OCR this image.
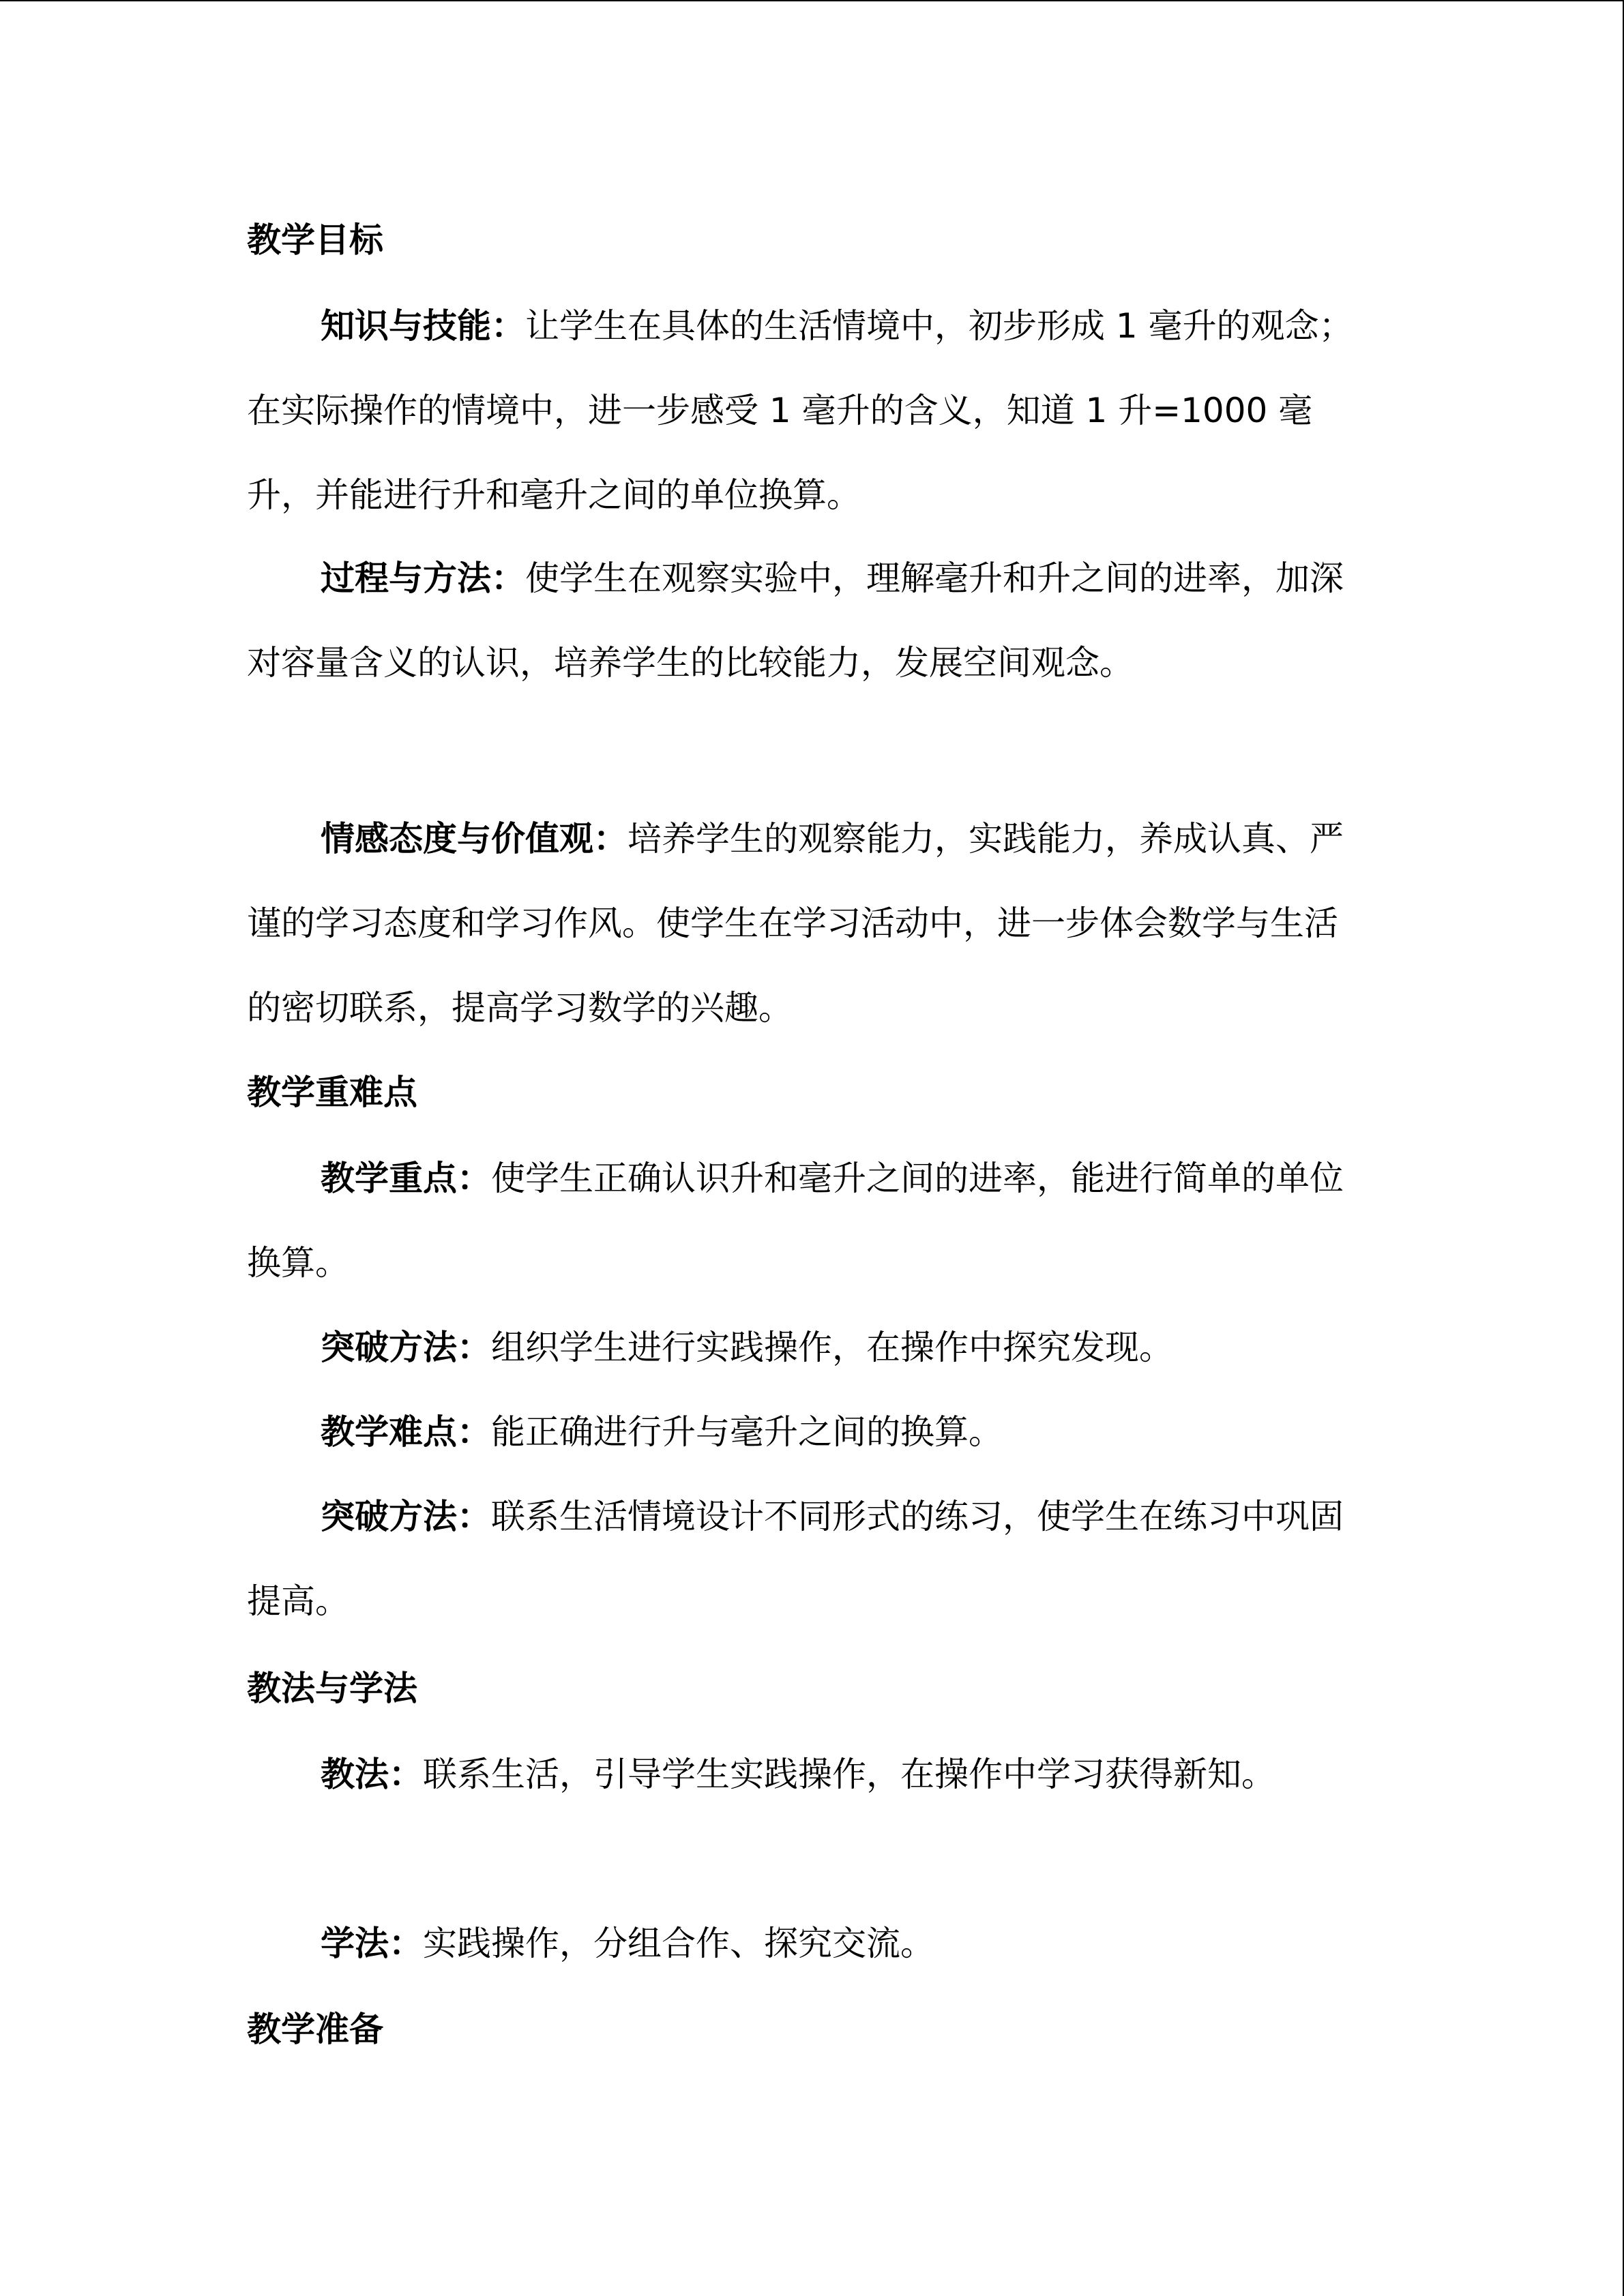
教学目标

知识与技能：让学生在具体的生活情境中，初步形成 1 毫升的观念；在实际操作的情境中，进一步感受 1 毫升的含义，知道 1 升=1000 毫升，并能进行升和毫升之间的单位换算。

过程与方法：使学生在观察实验中，理解毫升和升之间的进率，加深对容量含义的认识，培养学生的比较能力，发展空间观念。

情感态度与价值观：培养学生的观察能力，实践能力，养成认真、严谨的学习态度和学习作风。使学生在学习活动中，进一步体会数学与生活的密切联系，提高学习数学的兴趣。

教学重难点

教学重点：使学生正确认识升和毫升之间的进率，能进行简单的单位换算。

突破方法：组织学生进行实践操作，在操作中探究发现。

教学难点：能正确进行升与毫升之间的换算。

突破方法：联系生活情境设计不同形式的练习，使学生在练习中巩固提高。

教法与学法

教法：联系生活，引导学生实践操作，在操作中学习获得新知。

学法：实践操作，分组合作、探究交流。

教学准备
